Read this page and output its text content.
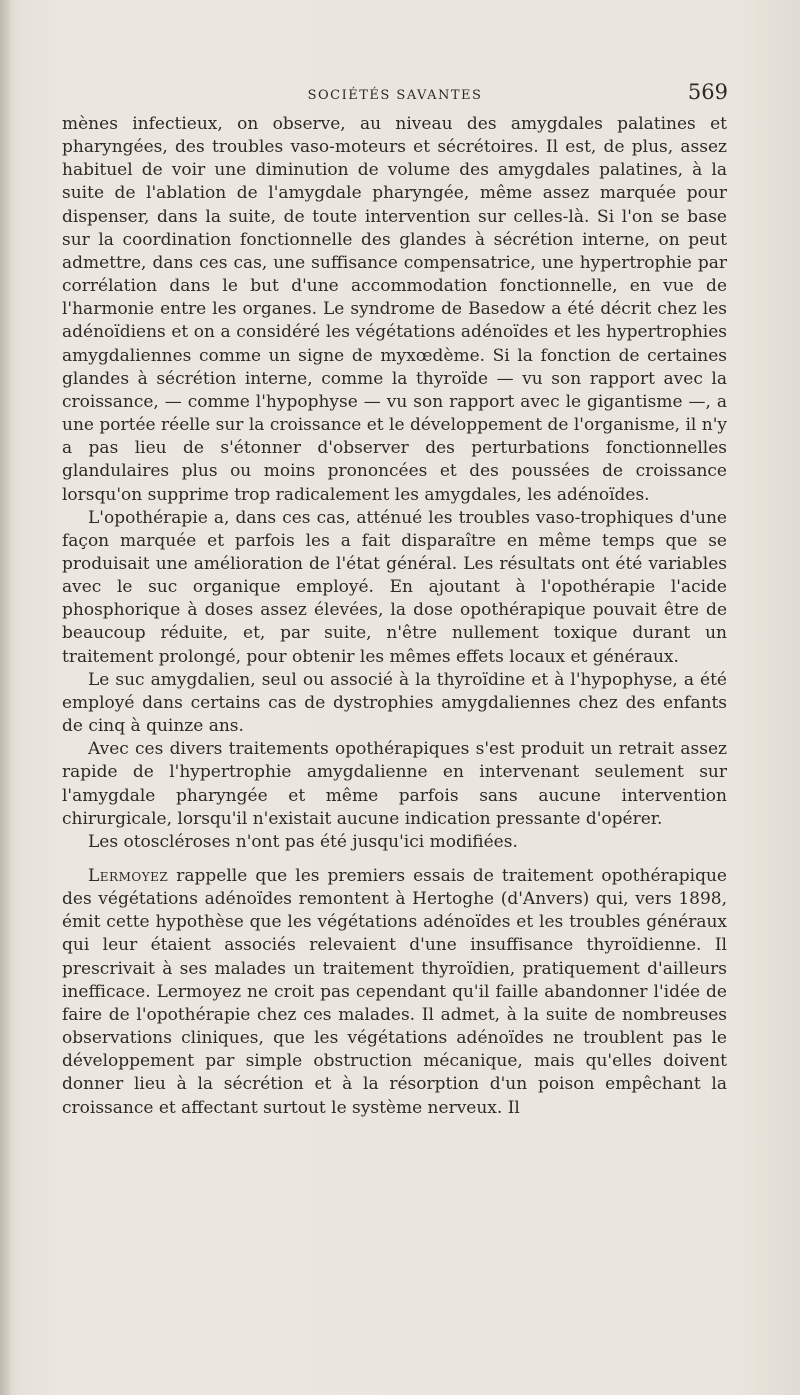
SOCIÉTÉS SAVANTES	569

mènes infectieux, on observe, au niveau des amygdales palatines et pharyngées, des troubles vaso-moteurs et sécrétoires. Il est, de plus, assez habituel de voir une diminution de volume des amygdales palatines, à la suite de l'ablation de l'amygdale pharyngée, même assez marquée pour dispenser, dans la suite, de toute intervention sur celles-là. Si l'on se base sur la coordination fonctionnelle des glandes à sécrétion interne, on peut admettre, dans ces cas, une suffisance compensatrice, une hypertrophie par corrélation dans le but d'une accommodation fonctionnelle, en vue de l'harmonie entre les organes. Le syndrome de Basedow a été décrit chez les adénoïdiens et on a considéré les végétations adénoïdes et les hypertrophies amygdaliennes comme un signe de myxœdème. Si la fonction de certaines glandes à sécrétion interne, comme la thyroïde — vu son rapport avec la croissance, — comme l'hypophyse — vu son rapport avec le gigantisme —, a une portée réelle sur la croissance et le développement de l'organisme, il n'y a pas lieu de s'étonner d'observer des perturbations fonctionnelles glandulaires plus ou moins prononcées et des poussées de croissance lorsqu'on supprime trop radicalement les amygdales, les adénoïdes.

L'opothérapie a, dans ces cas, atténué les troubles vaso-trophiques d'une façon marquée et parfois les a fait disparaître en même temps que se produisait une amélioration de l'état général. Les résultats ont été variables avec le suc organique employé. En ajoutant à l'opothérapie l'acide phosphorique à doses assez élevées, la dose opothérapique pouvait être de beaucoup réduite, et, par suite, n'être nullement toxique durant un traitement prolongé, pour obtenir les mêmes effets locaux et généraux.

Le suc amygdalien, seul ou associé à la thyroïdine et à l'hypophyse, a été employé dans certains cas de dystrophies amygdaliennes chez des enfants de cinq à quinze ans.

Avec ces divers traitements opothérapiques s'est produit un retrait assez rapide de l'hypertrophie amygdalienne en intervenant seulement sur l'amygdale pharyngée et même parfois sans aucune intervention chirurgicale, lorsqu'il n'existait aucune indication pressante d'opérer.

Les otoscléroses n'ont pas été jusqu'ici modifiées.

Lermoyez rappelle que les premiers essais de traitement opothérapique des végétations adénoïdes remontent à Hertoghe (d'Anvers) qui, vers 1898, émit cette hypothèse que les végétations adénoïdes et les troubles généraux qui leur étaient associés relevaient d'une insuffisance thyroïdienne. Il prescrivait à ses malades un traitement thyroïdien, pratiquement d'ailleurs inefficace. Lermoyez ne croit pas cependant qu'il faille abandonner l'idée de faire de l'opothérapie chez ces malades. Il admet, à la suite de nombreuses observations cliniques, que les végétations adénoïdes ne troublent pas le développement par simple obstruction mécanique, mais qu'elles doivent donner lieu à la sécrétion et à la résorption d'un poison empêchant la croissance et affectant surtout le système nerveux. Il
